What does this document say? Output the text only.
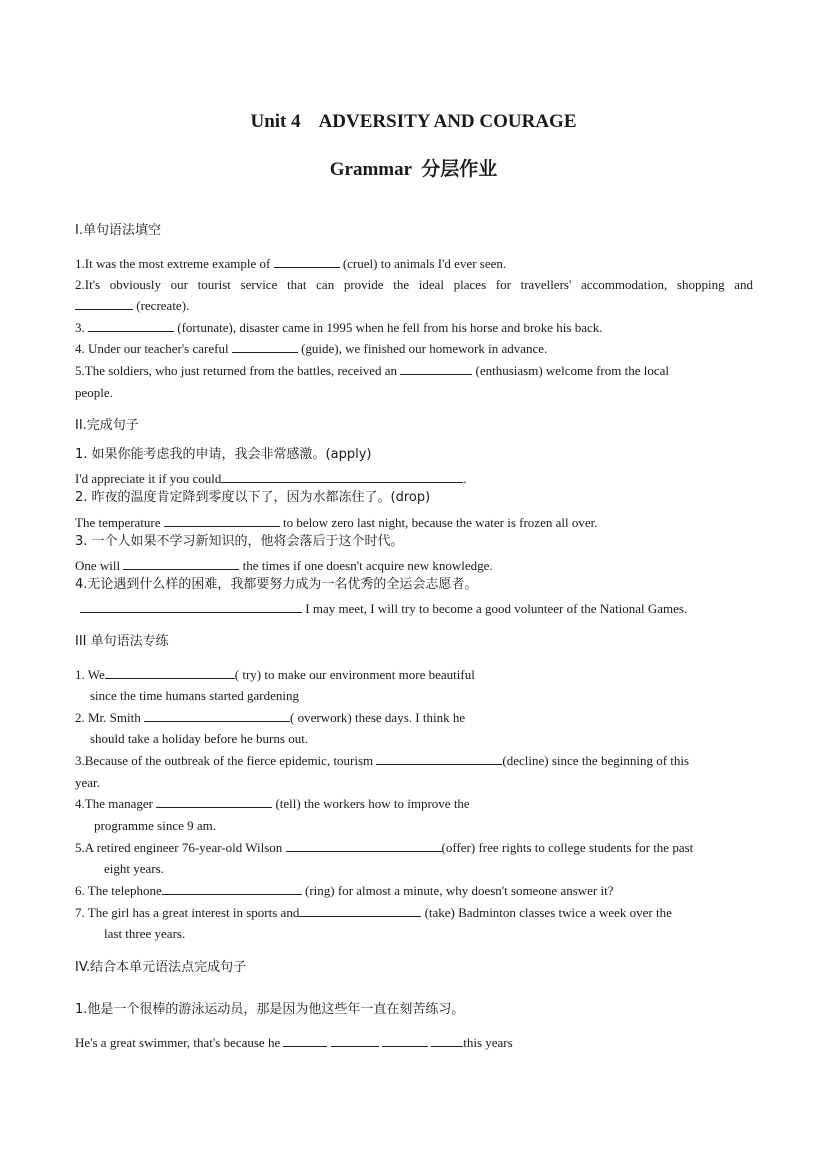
Unit 4    ADVERSITY AND COURAGE
Grammar  分层作业
I.单句语法填空
1.It was the most extreme example of	(cruel) to animals I'd ever seen.
2.It's obviously our tourist service that can provide the ideal places for travellers' accommodation, shopping and
(recreate).
3.	(fortunate), disaster came in 1995 when he fell from his horse and broke his back.
4. Under our teacher's careful	(guide), we finished our homework in advance.
5.The soldiers, who just returned from the battles, received an	(enthusiasm) welcome from the local
people.
II.完成句子
1. 如果你能考虑我的申请，我会非常感激。(apply)
I'd appreciate it if you could	.
2. 昨夜的温度肯定降到零度以下了，因为水都冻住了。(drop)
The temperature	to below zero last night, because the water is frozen all over.
3. 一个人如果不学习新知识的，他将会落后于这个时代。
One will	the times if one doesn't acquire new knowledge.
4.无论遇到什么样的困难，我都要努力成为一名优秀的全运会志愿者。
I may meet, I will try to become a good volunteer of the National Games.
III 单句语法专练
1. We	( try) to make our environment more beautiful
since the time humans started gardening
2. Mr. Smith	( overwork) these days. I think he
should take a holiday before he burns out.
3.Because of the outbreak of the fierce epidemic, tourism	(decline) since the beginning of this
year.
4.The manager	(tell) the workers how to improve the
programme since 9 am.
5.A retired engineer 76-year-old Wilson	(offer) free rights to college students for the past
eight years.
6. The telephone	(ring) for almost a minute, why doesn't someone answer it?
7. The girl has a great interest in sports and	(take) Badminton classes twice a week over the
last three years.
IV.结合本单元语法点完成句子
1.他是一个很棒的游泳运动员，那是因为他这些年一直在刻苦练习。
He's a great swimmer, that's because he	this years
